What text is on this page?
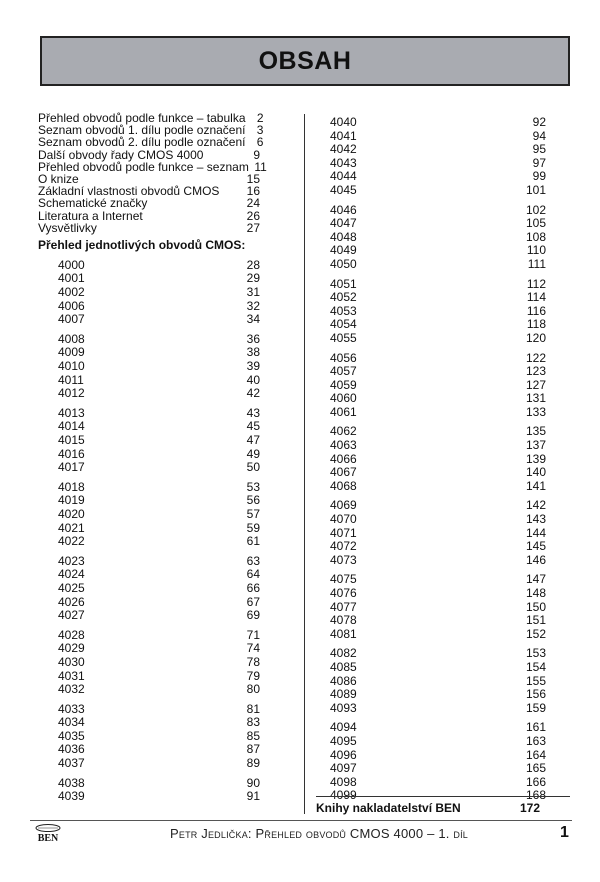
OBSAH
Přehled obvodů podle funkce – tabulka 2
Seznam obvodů 1. dílu podle označení 3
Seznam obvodů 2. dílu podle označení 6
Další obvody řady CMOS 4000	9
Přehled obvodů podle funkce – seznam 11
O knize	15
Základní vlastnosti obvodů CMOS	16
Schematické značky	24
Literatura a Internet	26
Vysvětlivky	27
Přehled jednotlivých obvodů CMOS:
4000	28
4001	29
4002	31
4006	32
4007	34
4008	36
4009	38
4010	39
4011	40
4012	42
4013	43
4014	45
4015	47
4016	49
4017	50
4018	53
4019	56
4020	57
4021	59
4022	61
4023	63
4024	64
4025	66
4026	67
4027	69
4028	71
4029	74
4030	78
4031	79
4032	80
4033	81
4034	83
4035	85
4036	87
4037	89
4038	90
4039	91
4040	92
4041	94
4042	95
4043	97
4044	99
4045	101
4046	102
4047	105
4048	108
4049	110
4050	111
4051	112
4052	114
4053	116
4054	118
4055	120
4056	122
4057	123
4059	127
4060	131
4061	133
4062	135
4063	137
4066	139
4067	140
4068	141
4069	142
4070	143
4071	144
4072	145
4073	146
4075	147
4076	148
4077	150
4078	151
4081	152
4082	153
4085	154
4086	155
4089	156
4093	159
4094	161
4095	163
4096	164
4097	165
4098	166
4099	168
Knihy nakladatelství BEN	172
BEN	Petr Jedlička: Přehled obvodů CMOS 4000 – 1. díl	1
